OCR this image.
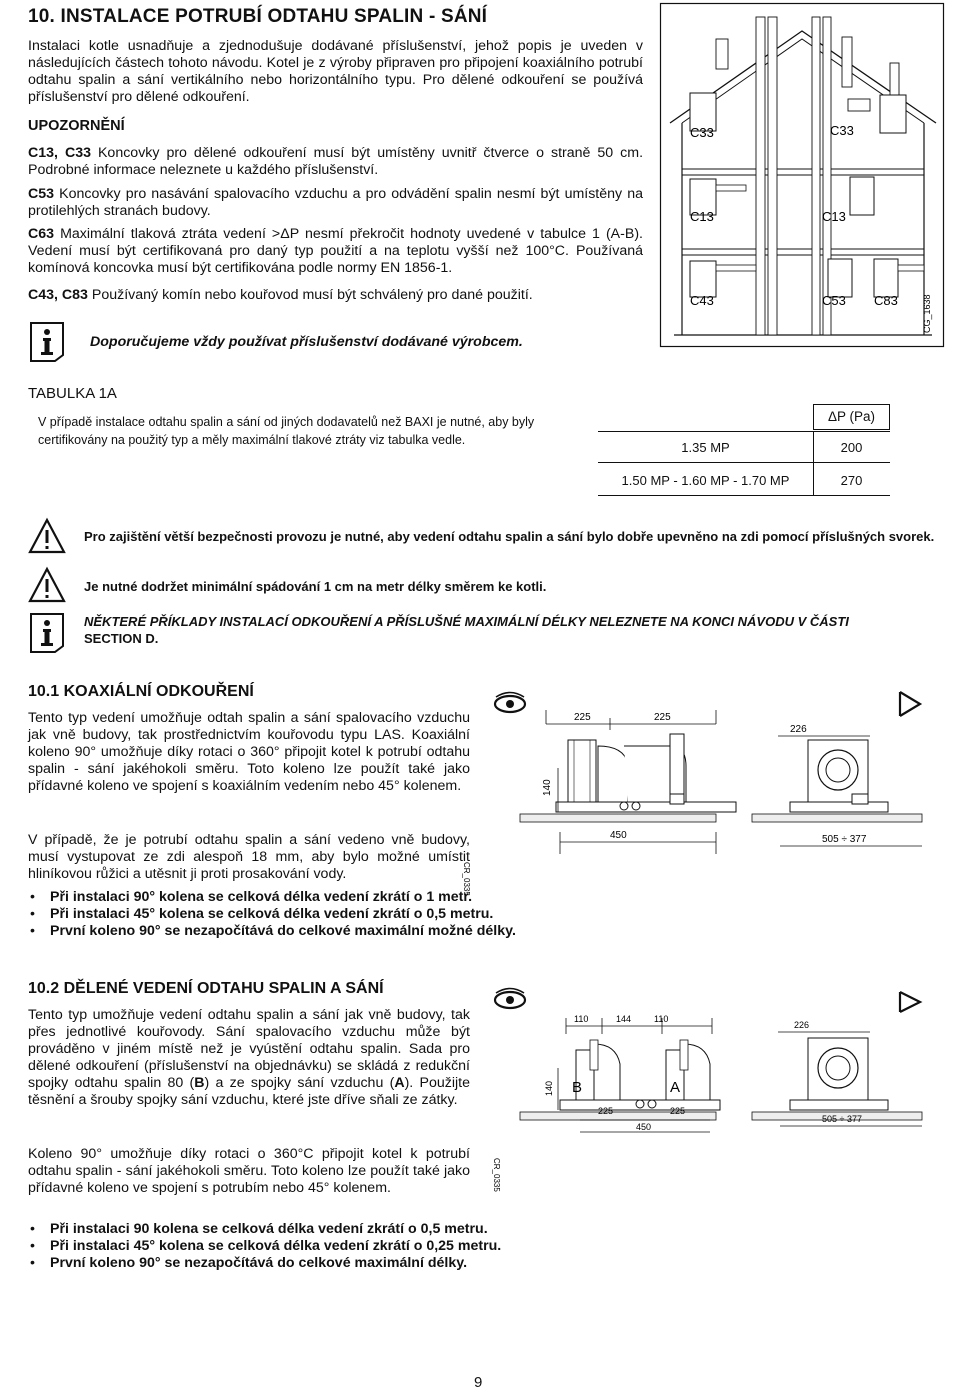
10. INSTALACE POTRUBÍ ODTAHU SPALIN - SÁNÍ

Instalaci kotle usnadňuje a zjednodušuje dodávané příslušenství, jehož popis je uveden v následujících částech tohoto návodu. Kotel je z výroby připraven pro připojení koaxiálního potrubí odtahu spalin a sání vertikálního nebo horizontálního typu. Pro dělené odkouření se používá příslušenství pro dělené odkouření.

UPOZORNĚNÍ

C13, C33 Koncovky pro dělené odkouření musí být umístěny uvnitř čtverce o straně 50 cm. Podrobné informace neleznete u každého příslušenství.

C53 Koncovky pro nasávání spalovacího vzduchu a pro odvádění spalin nesmí být umístěny na protilehlých stranách budovy.

C63 Maximální tlaková ztráta vedení >ΔP nesmí překročit hodnoty uvedené v tabulce 1 (A-B). Vedení musí být certifikovaná pro daný typ použití a na teplotu vyšší než 100°C. Používaná komínová koncovka musí být certifikována podle normy EN 1856-1.

C43, C83 Používaný komín nebo kouřovod musí být schválený pro dané použití.

Doporučujeme vždy používat příslušenství dodávané výrobcem.
C33	C33
C13	C13
C43	C53 C83	CG_1638
TABULKA 1A

V případě instalace odtahu spalin a sání od jiných dodavatelů než BAXI je nutné, aby byly certifikovány na použitý typ a měly maximální tlakové ztráty viz tabulka vedle.

ΔP (Pa)
1.35 MP	200
1.50 MP - 1.60 MP - 1.70 MP	270

Pro zajištění větší bezpečnosti provozu je nutné, aby vedení odtahu spalin a sání bylo dobře upevněno na zdi pomocí příslušných svorek.

Je nutné dodržet minimální spádování 1 cm na metr délky směrem ke kotli.

NĚKTERÉ PŘÍKLADY INSTALACÍ ODKOUŘENÍ A PŘÍSLUŠNÉ MAXIMÁLNÍ DÉLKY NELEZNETE NA KONCI NÁVODU V ČÁSTI

SECTION D.

10.1 KOAXIÁLNÍ ODKOUŘENÍ

Tento typ vedení umožňuje odtah spalin a sání spalovacího vzduchu jak vně budovy, tak prostřednictvím kouřovodu typu LAS. Koaxiální koleno 90° umožňuje díky rotaci o 360° připojit kotel k potrubí odtahu spalin - sání jakéhokoli směru. Toto koleno lze použít také jako přídavné koleno ve spojení s koaxiálním vedením nebo 45° kolenem.

V případě, že je potrubí odtahu spalin a sání vedeno vně budovy, musí vystupovat ze zdi alespoň 18 mm, aby bylo možné umístit hliníkovou růžici a utěsnit ji proti prosakování vody.

• Při instalaci 90° kolena se celková délka vedení zkrátí o 1 metr.
• Při instalaci 45° kolena se celková délka vedení zkrátí o 0,5 metru.
• První koleno 90° se nezapočítává do celkové maximální možné délky.
225	225
226
140
450	505 ÷ 377
CR_0335
10.2 DĚLENÉ VEDENÍ ODTAHU SPALIN A SÁNÍ

Tento typ umožňuje vedení odtahu spalin a sání jak vně budovy, tak přes jednotlivé kouřovody. Sání spalovacího vzduchu může být prováděno v jiném místě než je vyústění odtahu spalin. Sada pro dělené odkouření (příslušenství na objednávku) se skládá z redukční spojky odtahu spalin 80 (B) a ze spojky sání vzduchu (A). Použijte těsnění a šrouby spojky sání vzduchu, které jste dříve sňali ze zátky.

Koleno 90° umožňuje díky rotaci o 360°C připojit kotel k potrubí odtahu spalin - sání jakéhokoli směru. Toto koleno lze použít také jako přídavné koleno ve spojení s potrubím nebo 45° kolenem.

• Při instalaci 90 kolena se celková délka vedení zkrátí o 0,5 metru.
• Při instalaci 45° kolena se celková délka vedení zkrátí o 0,25 metru.
• První koleno 90° se nezapočítává do celkové maximální délky.
110	144	110
226
B	A
140
225	225
450
505 ÷ 377
CR_0335
9
